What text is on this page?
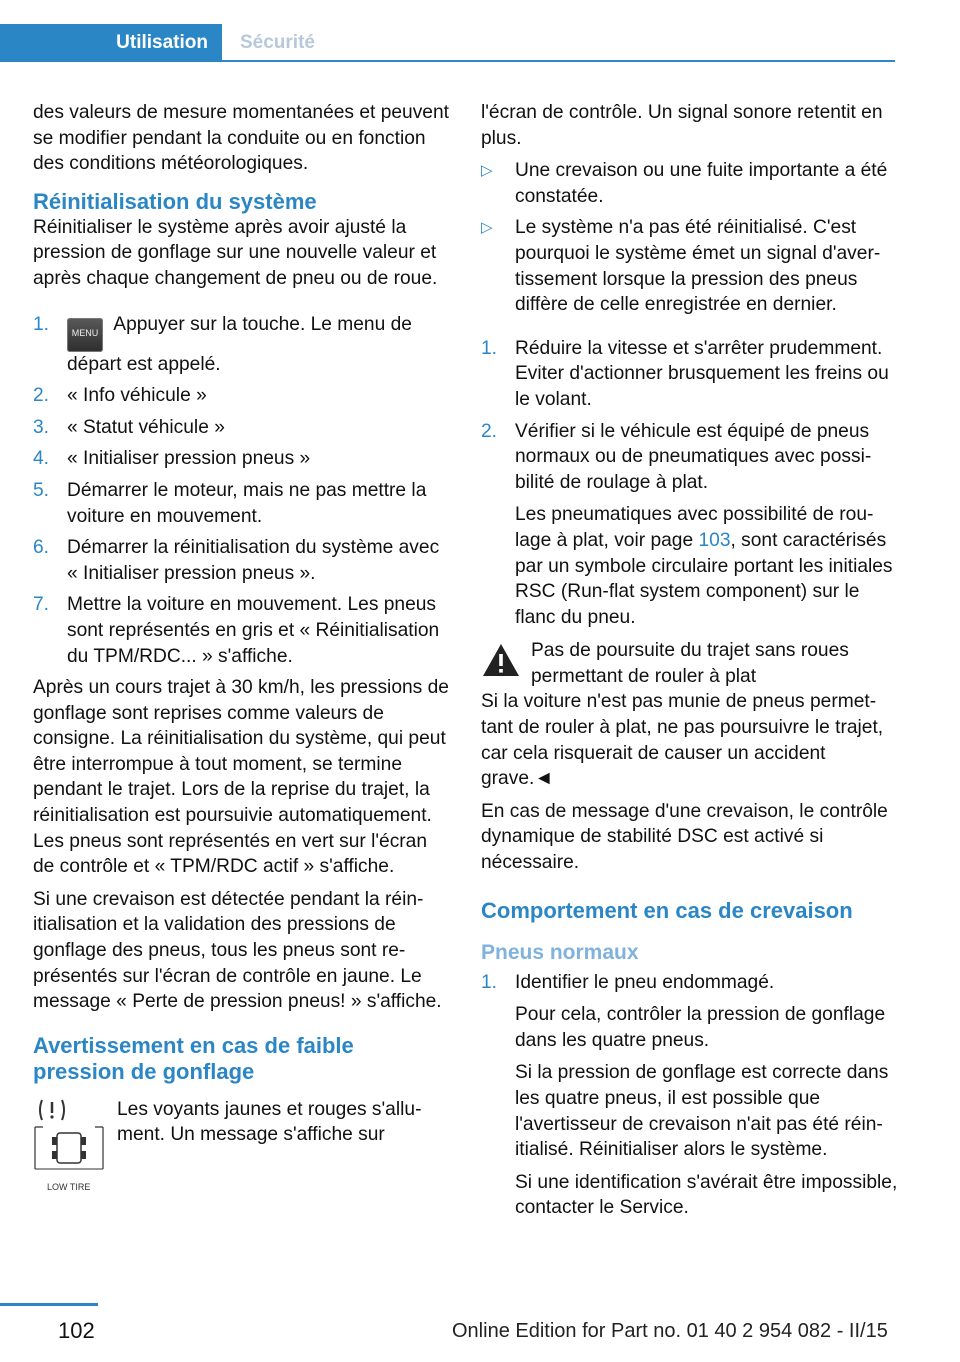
Utilisation Sécurité

des valeurs de mesure momentanées et peuvent se modifier pendant la conduite ou en fonction des conditions météorologiques.

Réinitialisation du système

Réinitialiser le système après avoir ajusté la pression de gonflage sur une nouvelle valeur et après chaque changement de pneu ou de roue.

1.	MENU Appuyer sur la touche. Le menu de départ est appelé.
2. « Info véhicule »
3. « Statut véhicule »
4. « Initialiser pression pneus »
5. Démarrer le moteur, mais ne pas mettre la voiture en mouvement.
6. Démarrer la réinitialisation du système avec « Initialiser pression pneus ».
7. Mettre la voiture en mouvement. Les pneus sont représentés en gris et « Réinitialisation du TPM/RDC... » s'affiche.

Après un cours trajet à 30 km/h, les pressions de gonflage sont reprises comme valeurs de consigne. La réinitialisation du système, qui peut être interrompue à tout moment, se termine pendant le trajet. Lors de la reprise du trajet, la réinitialisation est poursuivie automatiquement. Les pneus sont représentés en vert sur l'écran de contrôle et « TPM/RDC actif » s'affiche.

Si une crevaison est détectée pendant la réinitialisation et la validation des pressions de gonflage des pneus, tous les pneus sont représentés sur l'écran de contrôle en jaune. Le message « Perte de pression pneus! » s'affiche.

Avertissement en cas de faible pression de gonflage
LOW TIRE

Les voyants jaunes et rouges s'allument. Un message s'affiche sur

l'écran de contrôle. Un signal sonore retentit en plus.

▷ Une crevaison ou une fuite importante a été constatée.
▷ Le système n'a pas été réinitialisé. C'est pourquoi le système émet un signal d'avertissement lorsque la pression des pneus diffère de celle enregistrée en dernier.
1. Réduire la vitesse et s'arrêter prudemment. Eviter d'actionner brusquement les freins ou le volant.
2. Vérifier si le véhicule est équipé de pneus normaux ou de pneumatiques avec possibilité de roulage à plat.
Les pneumatiques avec possibilité de roulage à plat, voir page 103, sont caractérisés par un symbole circulaire portant les initiales RSC (Run-flat system component) sur le flanc du pneu.

Pas de poursuite du trajet sans roues permettant de rouler à plat

Si la voiture n'est pas munie de pneus permettant de rouler à plat, ne pas poursuivre le trajet, car cela risquerait de causer un accident grave.◄

En cas de message d'une crevaison, le contrôle dynamique de stabilité DSC est activé si nécessaire.

Comportement en cas de crevaison
Pneus normaux
1. Identifier le pneu endommagé.
Pour cela, contrôler la pression de gonflage dans les quatre pneus.
Si la pression de gonflage est correcte dans les quatre pneus, il est possible que l'avertisseur de crevaison n'ait pas été réinitialisé. Réinitialiser alors le système.
Si une identification s'avérait être impossible, contacter le Service.
102	Online Edition for Part no. 01 40 2 954 082 - II/15
